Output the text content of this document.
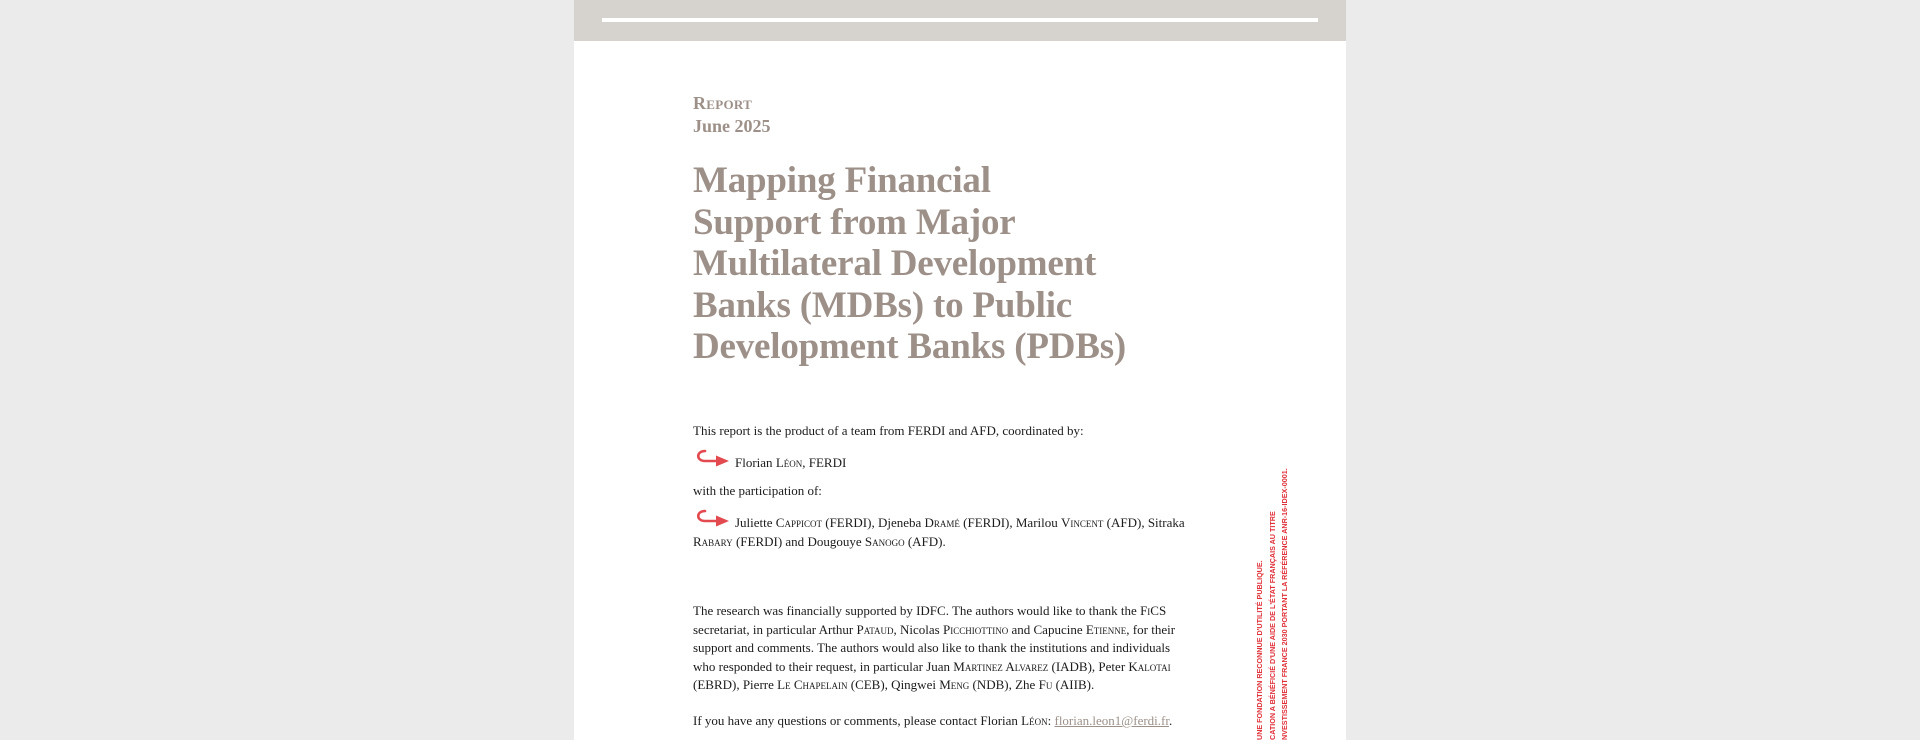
Report
June 2025
Mapping Financial
Support from Major
Multilateral Development
Banks (MDBs) to Public
Development Banks (PDBs)

This report is the product of a team from FERDI and AFD, coordinated by:

Florian Léon, FERDI

with the participation of:

Juliette Cappicot (FERDI), Djeneba Dramé (FERDI), Marilou Vincent (AFD), Sitraka Rabary (FERDI) and Dougouye Sanogo (AFD).

The research was financially supported by IDFC. The authors would like to thank the FiCS secretariat, in particular Arthur Pataud, Nicolas Picchiottino and Capucine Etienne, for their support and comments. The authors would also like to thank the institutions and individuals who responded to their request, in particular Juan Martinez Alvarez (IADB), Peter Kalotai (EBRD), Pierre Le Chapelain (CEB), Qingwei Meng (NDB), Zhe Fu (AIIB).

If you have any questions or comments, please contact Florian Léon: florian.leon1@ferdi.fr.	UNE FONDATION RECONNUE D'UTILITÉ PUBLIQUE. CATION A BÉNÉFICIÉ D'UNE AIDE DE L'ÉTAT FRANÇAIS AU TITRE NVESTISSEMENT FRANCE 2030 PORTANT LA RÉFÉRENCE ANR-16-IDEX-0001.
